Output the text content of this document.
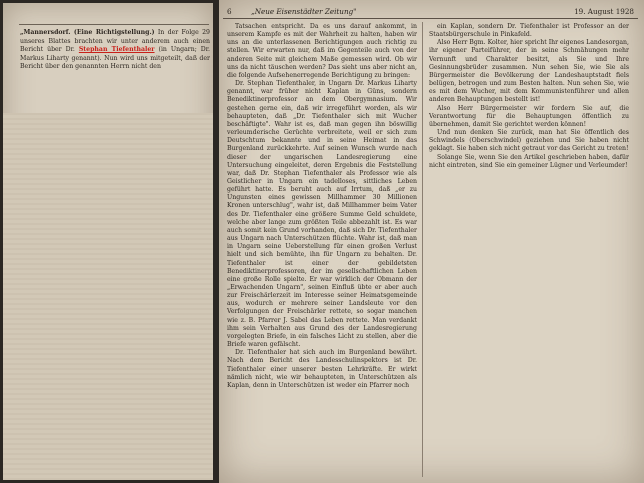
„Mannersdorf. (Eine Richtigstellung.) In der Folge 29 unseres Blattes brachten wir unter anderem auch einen Bericht über Dr. Stephan Tiefenthaler (in Ungarn; Dr. Markus Liharty genannt). Nun wird uns mitgeteilt, daß der Bericht über den genannten Herrn nicht den
6	„Neue Eisenstädter Zeitung"	19. August 1928

Tatsachen entspricht. Da es uns darauf ankommt, in unserem Kampfe es mit der Wahrheit zu halten, haben wir uns an die unterlassenen Berichtigungen auch richtig zu stellen. Wir erwarten nur, daß im Gegenteile auch von der anderen Seite mit gleichem Maße gemessen wird. Ob wir uns da nicht täuschen werden? Das sieht uns aber nicht an, die folgende Aufsehenerregende Berichtigung zu bringen:

Dr. Stephan Tiefenthaler, in Ungarn Dr. Markus Liharty genannt, war früher nicht Kaplan in Güns, sondern Benediktinerprofessor an dem Obergymnasium. Wir gestehen gerne ein, daß wir irregeführt worden, als wir behaupteten, daß „Dr. Tiefenthaler sich mit Wucher beschäftigte". Wahr ist es, daß man gegen ihn böswillig verleumderische Gerüchte verbreitete, weil er sich zum Deutschtum bekannte und in seine Heimat in das Burgenland zurückkehrte. Auf seinen Wunsch wurde nach dieser der ungarischen Landesregierung eine Untersuchung eingeleitet, deren Ergebnis die Feststellung war, daß Dr. Stephan Tiefenthaler als Professor wie als Geistlicher in Ungarn ein tadelloses, sittliches Leben geführt hatte. Es beruht auch auf Irrtum, daß „er zu Ungunsten eines gewissen Millhammer 30 Millionen Kronen unterschlug", wahr ist, daß Millhammer beim Vater des Dr. Tiefenthaler eine größere Summe Geld schuldete, welche aber lange zum größten Teile abbezahlt ist. Es war auch somit kein Grund vorhanden, daß sich Dr. Tiefenthaler aus Ungarn nach Unterschützen flüchte. Wahr ist, daß man in Ungarn seine Ueberstellung für einen großen Verlust hielt und sich bemühte, ihn für Ungarn zu behalten. Dr. Tiefenthaler ist einer der gebildetsten Benediktinerprofessoren, der im gesellschaftlichen Leben eine große Rolle spielte. Er war wirklich der Obmann der „Erwachenden Ungarn", seinen Einfluß übte er aber auch zur Freischärlerzeit im Interesse seiner Heimatsgemeinde aus, wodurch er mehrere seiner Landsleute vor den Verfolgungen der Freischärler rettete, so sogar manchen wie z. B. Pfarrer J. Sabel das Leben rettete. Man verdankt ihm sein Verhalten aus Grund des der Landesregierung vorgelegten Briefe, in ein falsches Licht zu stellen, aber die Briefe waren gefälscht.

Dr. Tiefenthaler hat sich auch im Burgenland bewährt. Nach dem Bericht des Landesschulinspektors ist Dr. Tiefenthaler einer unserer besten Lehrkräfte. Er wirkt nämlich nicht, wie wir behaupteten, in Unterschützen als Kaplan, denn in Unterschützen ist weder ein Pfarrer noch

ein Kaplan, sondern Dr. Tiefenthaler ist Professor an der Staatsbürgerschule in Pinkafeld.

Also Herr Bgm. Kolter, hier spricht Ihr eigenes Landesorgan, ihr eigener Parteiführer, der in seine Schmähungen mehr Vernunft und Charakter besitzt, als Sie und Ihre Gesinnungsbrüder zusammen. Nun sehen Sie, wie Sie als Bürgermeister die Bevölkerung der Landeshauptstadt fiels belügen, betrogen und zum Besten halten. Nun sehen Sie, wie es mit dem Wucher, mit dem Kommunistenführer und allen anderen Behauptungen bestellt ist!

Also Herr Bürgermeister wir fordern Sie auf, die Verantwortung für die Behauptungen öffentlich zu übernehmen, damit Sie gerichtet werden können!

Und nun denken Sie zurück, man hat Sie öffentlich des Schwindels (Oberschwindel) geziehen und Sie haben nicht geklagt. Sie haben sich nicht getraut vor das Gericht zu treten!

Solange Sie, wenn Sie den Artikel geschrieben haben, dafür nicht eintreten, sind Sie ein gemeiner Lügner und Verleumder!
